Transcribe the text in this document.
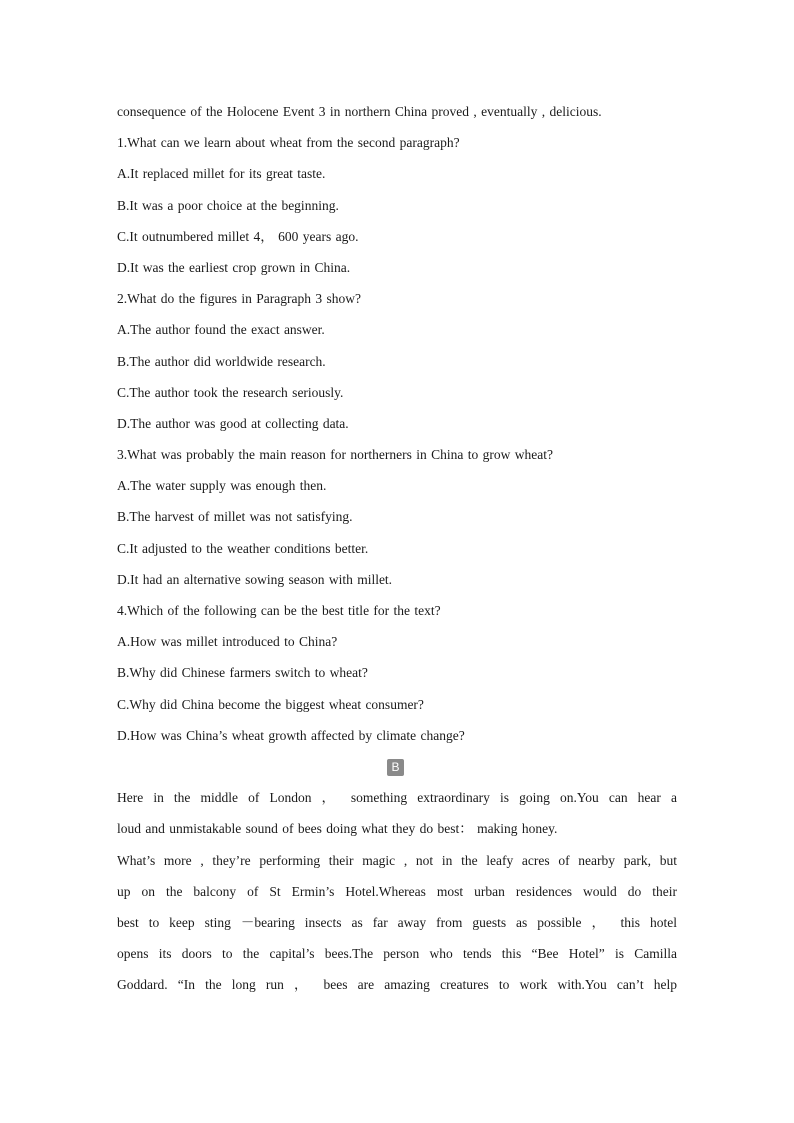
consequence of the Holocene Event 3 in northern China proved , eventually , delicious.
1.What can we learn about wheat from the second paragraph?
A.It replaced millet for its great taste.
B.It was a poor choice at the beginning.
C.It outnumbered millet 4， 600 years ago.
D.It was the earliest crop grown in China.
2.What do the figures in Paragraph 3 show?
A.The author found the exact answer.
B.The author did worldwide research.
C.The author took the research seriously.
D.The author was good at collecting data.
3.What was probably the main reason for northerners in China to grow wheat?
A.The water supply was enough then.
B.The harvest of millet was not satisfying.
C.It adjusted to the weather conditions better.
D.It had an alternative sowing season with millet.
4.Which of the following can be the best title for the text?
A.How was millet introduced to China?
B.Why did Chinese farmers switch to wheat?
C.Why did China become the biggest wheat consumer?
D.How was China’s wheat growth affected by climate change?
B
Here in the middle of London ， something extraordinary is going on.You can hear a
loud and unmistakable sound of bees doing what they do best： making honey.
What’s more , they’re performing their magic , not in the leafy acres of nearby park, but
up on the balcony of St Ermin’s Hotel.Whereas most urban residences would do their
best to keep sting －bearing insects as far away from guests as possible ， this hotel
opens its doors to the capital’s bees.The person who tends this “Bee Hotel” is Camilla
Goddard. “In the long run ， bees are amazing creatures to work with.You can’t help
